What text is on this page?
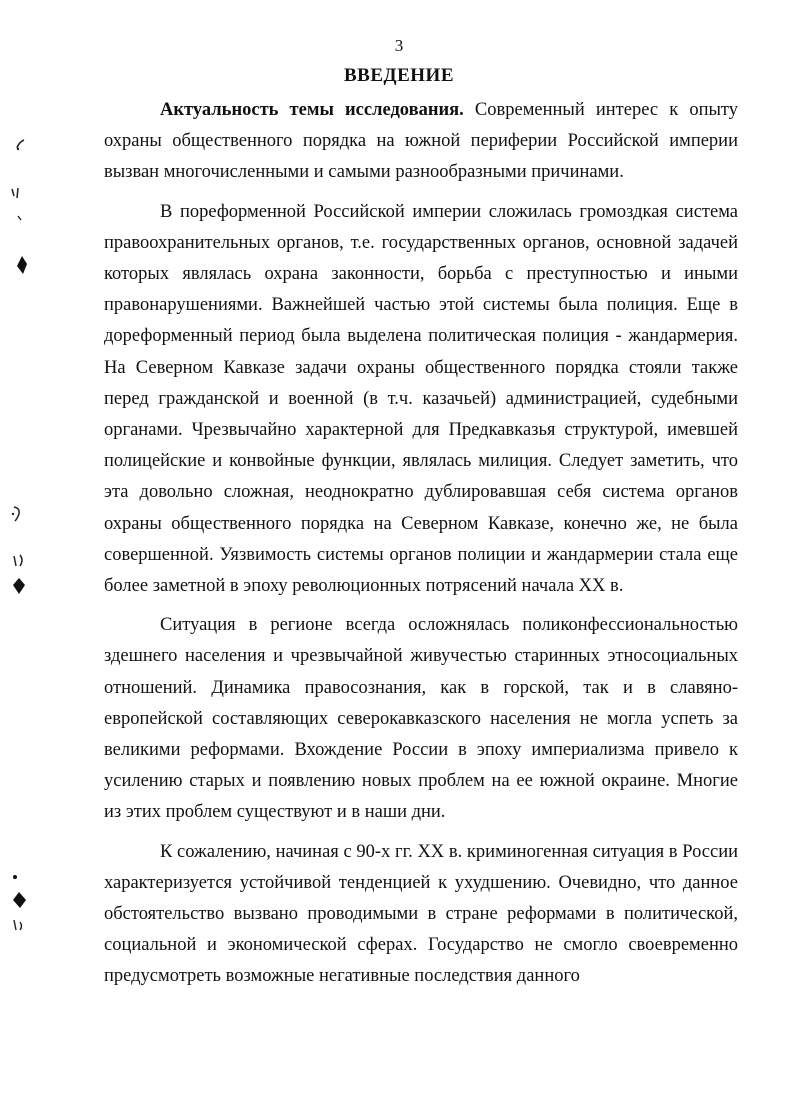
3
ВВЕДЕНИЕ

Актуальность темы исследования. Современный интерес к опыту охраны общественного порядка на южной периферии Российской империи вызван многочисленными и самыми разнообразными причинами.

В пореформенной Российской империи сложилась громоздкая система правоохранительных органов, т.е. государственных органов, основной задачей которых являлась охрана законности, борьба с преступностью и иными правонарушениями. Важнейшей частью этой системы была полиция. Еще в дореформенный период была выделена политическая полиция - жандармерия. На Северном Кавказе задачи охраны общественного порядка стояли также перед гражданской и военной (в т.ч. казачьей) администрацией, судебными органами. Чрезвычайно характерной для Предкавказья структурой, имевшей полицейские и конвойные функции, являлась милиция. Следует заметить, что эта довольно сложная, неоднократно дублировавшая себя система органов охраны общественного порядка на Северном Кавказе, конечно же, не была совершенной. Уязвимость системы органов полиции и жандармерии стала еще более заметной в эпоху революционных потрясений начала XX в.

Ситуация в регионе всегда осложнялась поликонфессиональностью здешнего населения и чрезвычайной живучестью старинных этносоциальных отношений. Динамика правосознания, как в горской, так и в славяно-европейской составляющих северокавказского населения не могла успеть за великими реформами. Вхождение России в эпоху империализма привело к усилению старых и появлению новых проблем на ее южной окраине. Многие из этих проблем существуют и в наши дни.

К сожалению, начиная с 90-х гг. XX в. криминогенная ситуация в России характеризуется устойчивой тенденцией к ухудшению. Очевидно, что данное обстоятельство вызвано проводимыми в стране реформами в политической, социальной и экономической сферах. Государство не смогло своевременно предусмотреть возможные негативные последствия данного
